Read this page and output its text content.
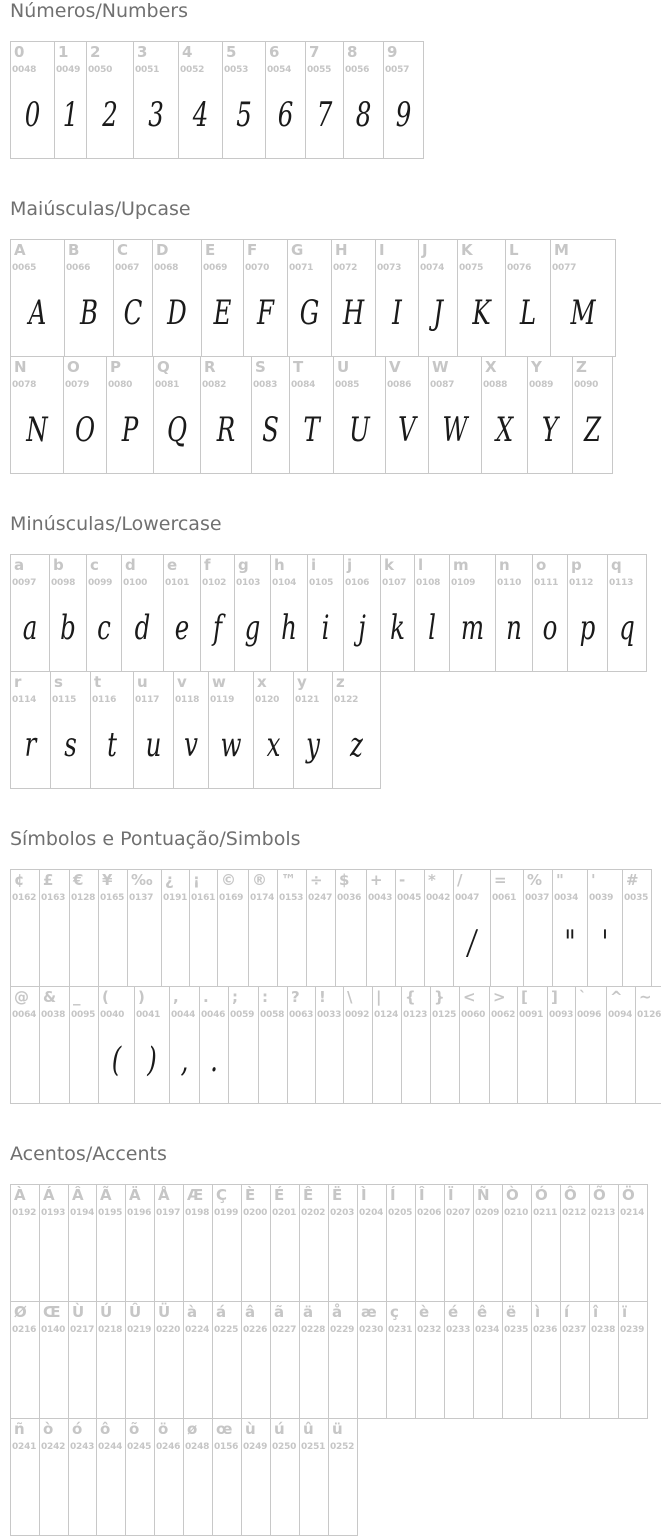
Números/Numbers
Maiúsculas/Upcase
Minúsculas/Lowercase
Símbolos e Pontuação/Simbols
Acentos/Accents
0
0048
0
1
0049
1
2
0050
2
3
0051
3
4
0052
4
5
0053
5
6
0054
6
7
0055
7
8
0056
8
9
0057
9
A
0065
A
B
0066
B
C
0067
C
D
0068
D
E
0069
E
F
0070
F
G
0071
G
H
0072
H
I
0073
I
J
0074
J
K
0075
K
L
0076
L
M
0077
M
N
0078
N
O
0079
O
P
0080
P
Q
0081
Q
R
0082
R
S
0083
S
T
0084
T
U
0085
U
V
0086
V
W
0087
W
X
0088
X
Y
0089
Y
Z
0090
Z
a
0097
a
b
0098
b
c
0099
c
d
0100
d
e
0101
e
f
0102
f
g
0103
g
h
0104
h
i
0105
i
j
0106
j
k
0107
k
l
0108
l
m
0109
m
n
0110
n
o
0111
o
p
0112
p
q
0113
q
r
0114
r
s
0115
s
t
0116
t
u
0117
u
v
0118
v
w
0119
w
x
0120
x
y
0121
y
z
0122
z
¢
0162
£
0163
€
0128
¥
0165
‰
0137
¿
0191
¡
0161
©
0169
®
0174
™
0153
÷
0247
$
0036
+
0043
-
0045
*
0042
/
0047
/
=
0061
%
0037
"
0034
"
'
0039
'
#
0035
@
0064
&
0038
_
0095
(
0040
(
)
0041
)
,
0044
,
.
0046
.
;
0059
:
0058
?
0063
!
0033
\
0092
|
0124
{
0123
}
0125
<
0060
>
0062
[
0091
]
0093
`
0096
^
0094
~
0126
À
0192
Á
0193
Â
0194
Ã
0195
Ä
0196
Å
0197
Æ
0198
Ç
0199
È
0200
É
0201
Ê
0202
Ë
0203
Ì
0204
Í
0205
Î
0206
Ï
0207
Ñ
0209
Ò
0210
Ó
0211
Ô
0212
Õ
0213
Ö
0214
Ø
0216
Œ
0140
Ù
0217
Ú
0218
Û
0219
Ü
0220
à
0224
á
0225
â
0226
ã
0227
ä
0228
å
0229
æ
0230
ç
0231
è
0232
é
0233
ê
0234
ë
0235
ì
0236
í
0237
î
0238
ï
0239
ñ
0241
ò
0242
ó
0243
ô
0244
õ
0245
ö
0246
ø
0248
œ
0156
ù
0249
ú
0250
û
0251
ü
0252
